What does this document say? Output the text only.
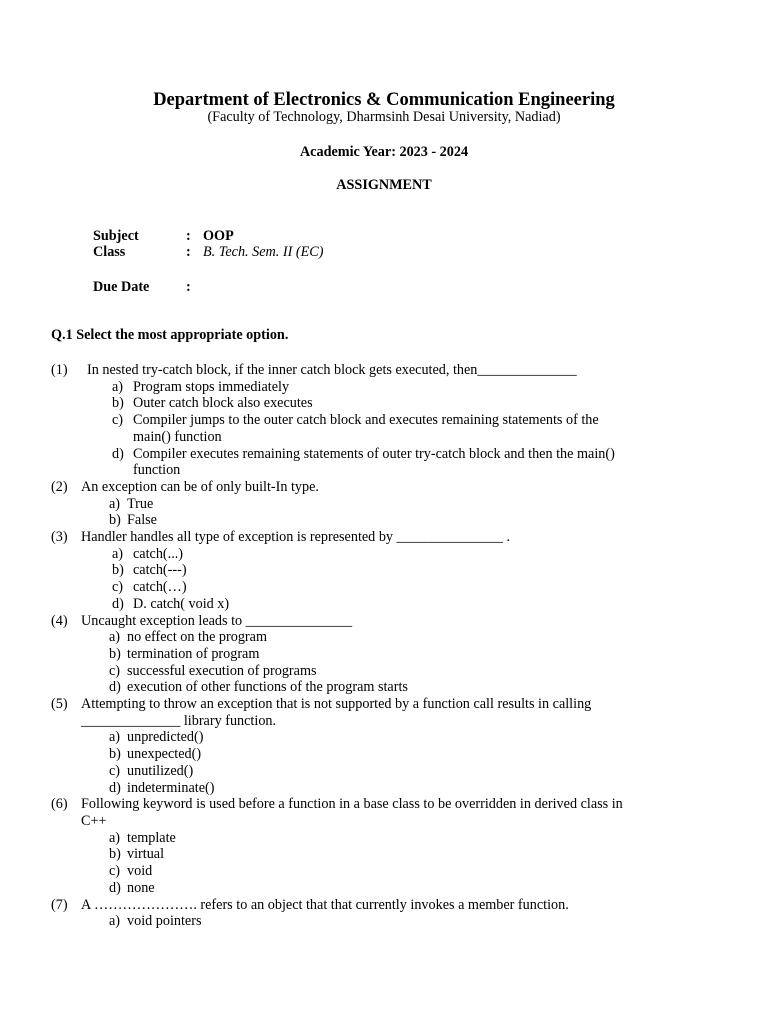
Department of Electronics & Communication Engineering
(Faculty of Technology, Dharmsinh Desai University, Nadiad)
Academic Year: 2023 - 2024
ASSIGNMENT
Subject	: OOP
Class	: B. Tech. Sem. II (EC)
Due Date	:
Q.1 Select the most appropriate option.
(1) In nested try-catch block, if the inner catch block gets executed, then______________
a) Program stops immediately
b) Outer catch block also executes
c) Compiler jumps to the outer catch block and executes remaining statements of the main() function
d) Compiler executes remaining statements of outer try-catch block and then the main() function
(2) An exception can be of only built-In type.
a) True
b) False
(3) Handler handles all type of exception is represented by _______________ .
a) catch(...)
b) catch(---)
c) catch(…)
d) D. catch( void x)
(4) Uncaught exception leads to _______________
a) no effect on the program
b) termination of program
c) successful execution of programs
d) execution of other functions of the program starts
(5) Attempting to throw an exception that is not supported by a function call results in calling ______________ library function.
a) unpredicted()
b) unexpected()
c) unutilized()
d) indeterminate()
(6) Following keyword is used before a function in a base class to be overridden in derived class in C++
a) template
b) virtual
c) void
d) none
(7) A …………………. refers to an object that that currently invokes a member function.
a) void pointers
